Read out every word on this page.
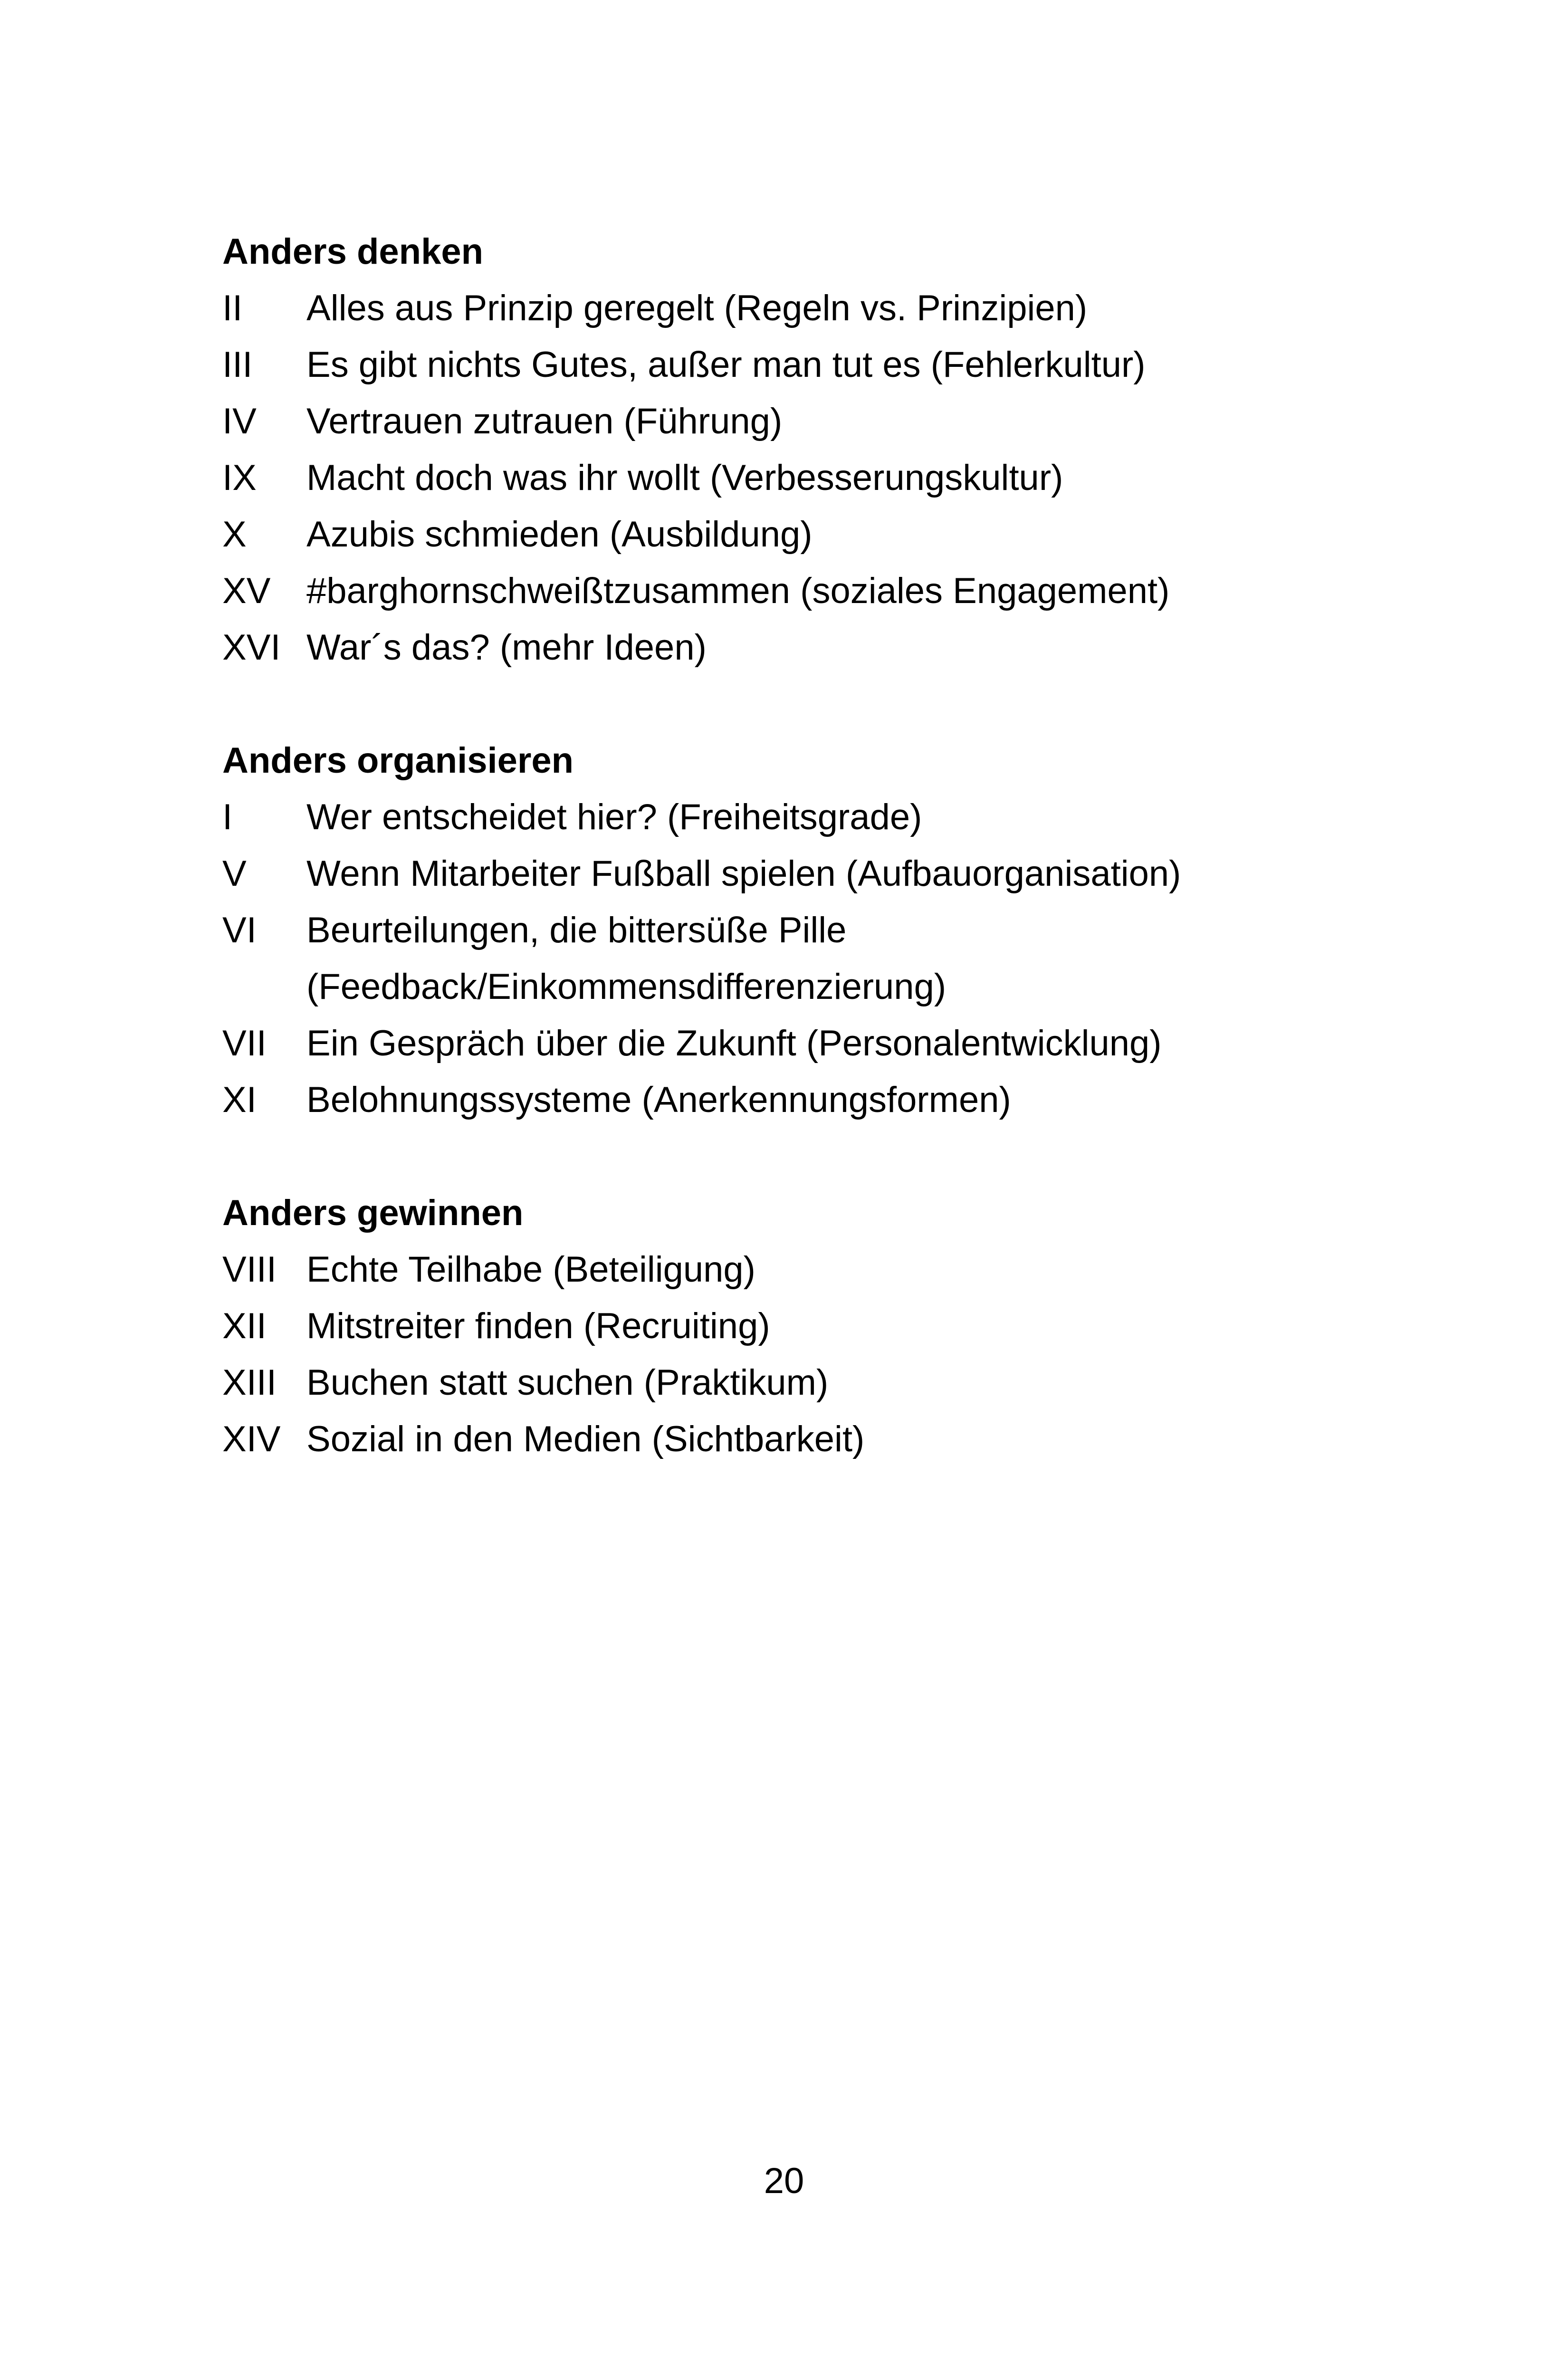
Anders denken
II	Alles aus Prinzip geregelt (Regeln vs. Prinzipien)
III	Es gibt nichts Gutes, außer man tut es (Fehlerkultur)
IV	Vertrauen zutrauen (Führung)
IX	Macht doch was ihr wollt (Verbesserungskultur)
X	Azubis schmieden (Ausbildung)
XV #barghornschweißtzusammen (soziales Engagement)
XVI War´s das? (mehr Ideen)
Anders organisieren
I	Wer entscheidet hier? (Freiheitsgrade)
V	Wenn Mitarbeiter Fußball spielen (Aufbauorganisation)
VI	Beurteilungen, die bittersüße Pille (Feedback/Einkommensdifferenzierung)
VII	Ein Gespräch über die Zukunft (Personalentwicklung)
XI	Belohnungssysteme (Anerkennungsformen)
Anders gewinnen
VIII Echte Teilhabe (Beteiligung)
XII	Mitstreiter finden (Recruiting)
XIII Buchen statt suchen (Praktikum)
XIV Sozial in den Medien (Sichtbarkeit)
20
